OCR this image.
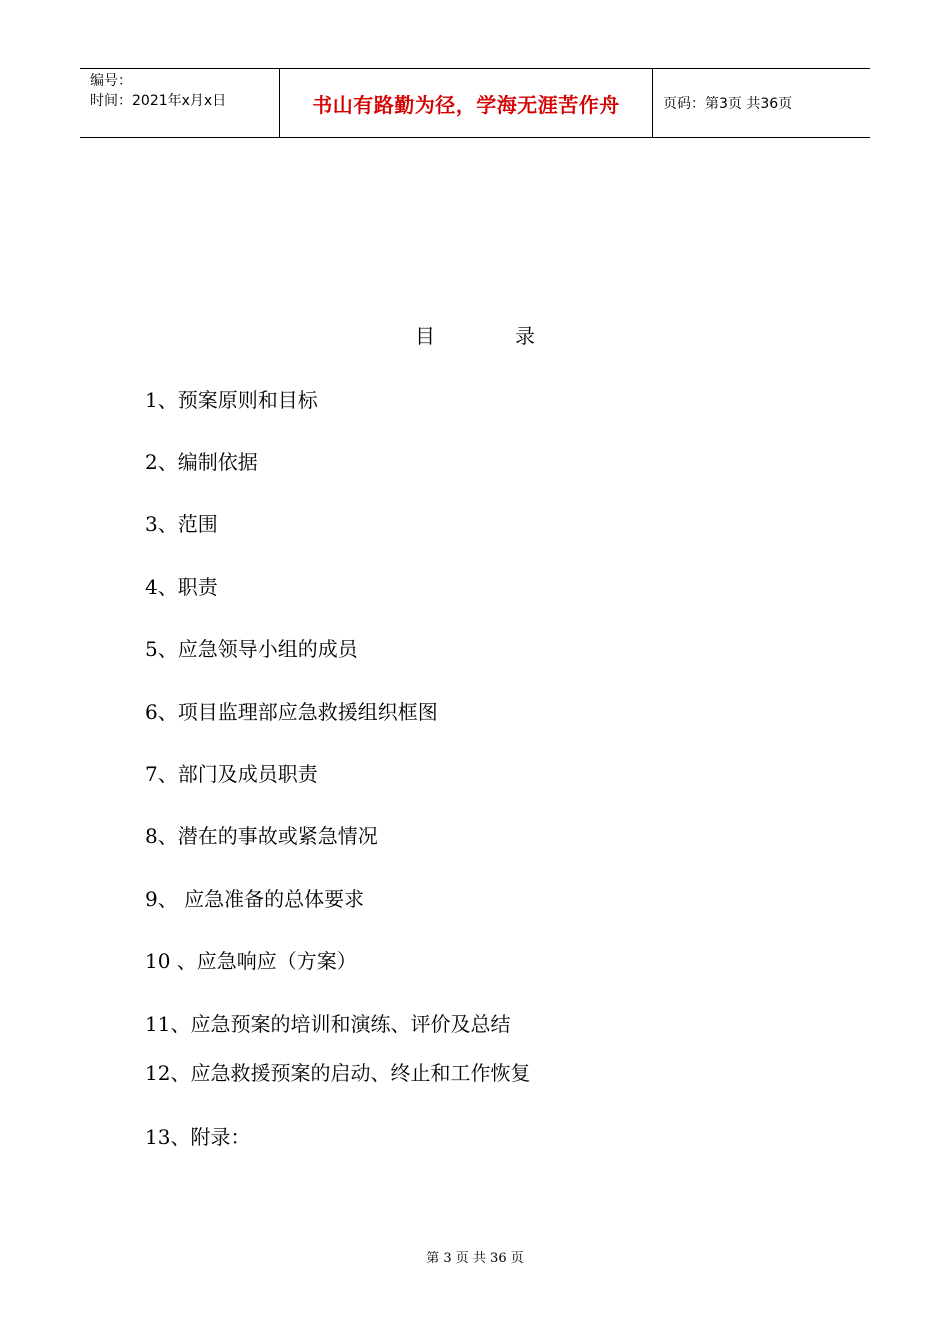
编号：
时间：2021年x月x日	书山有路勤为径，学海无涯苦作舟	页码：第3页 共36页
目	录
1、预案原则和目标
2、编制依据
3、范围
4、职责
5、应急领导小组的成员
6、项目监理部应急救援组织框图
7、部门及成员职责
8、潜在的事故或紧急情况
9、 应急准备的总体要求
10 、应急响应（方案）
11、应急预案的培训和演练、评价及总结
12、应急救援预案的启动、终止和工作恢复
13、附录：
第 3 页 共 36 页
